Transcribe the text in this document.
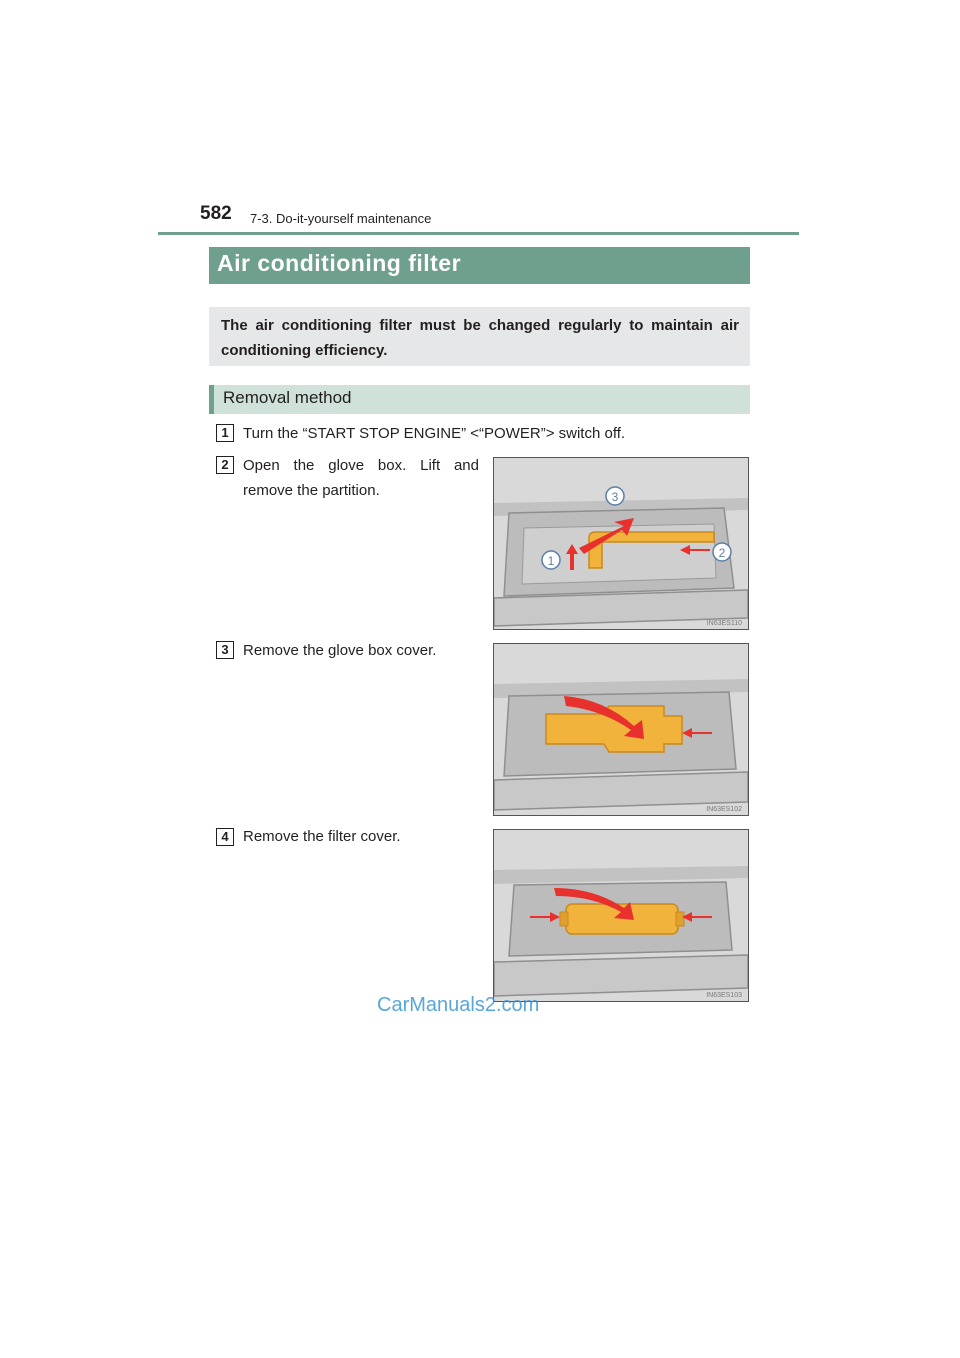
582 7-3. Do-it-yourself maintenance
Air conditioning filter
The air conditioning filter must be changed regularly to maintain air conditioning efficiency.
Removal method
1 Turn the “START STOP ENGINE” <“POWER”> switch off.
2 Open the glove box. Lift and remove the partition.
1
2
3
IN63ES110
3 Remove the glove box cover.
IN63ES102
4 Remove the filter cover.
IN63ES103
CarManuals2.com
